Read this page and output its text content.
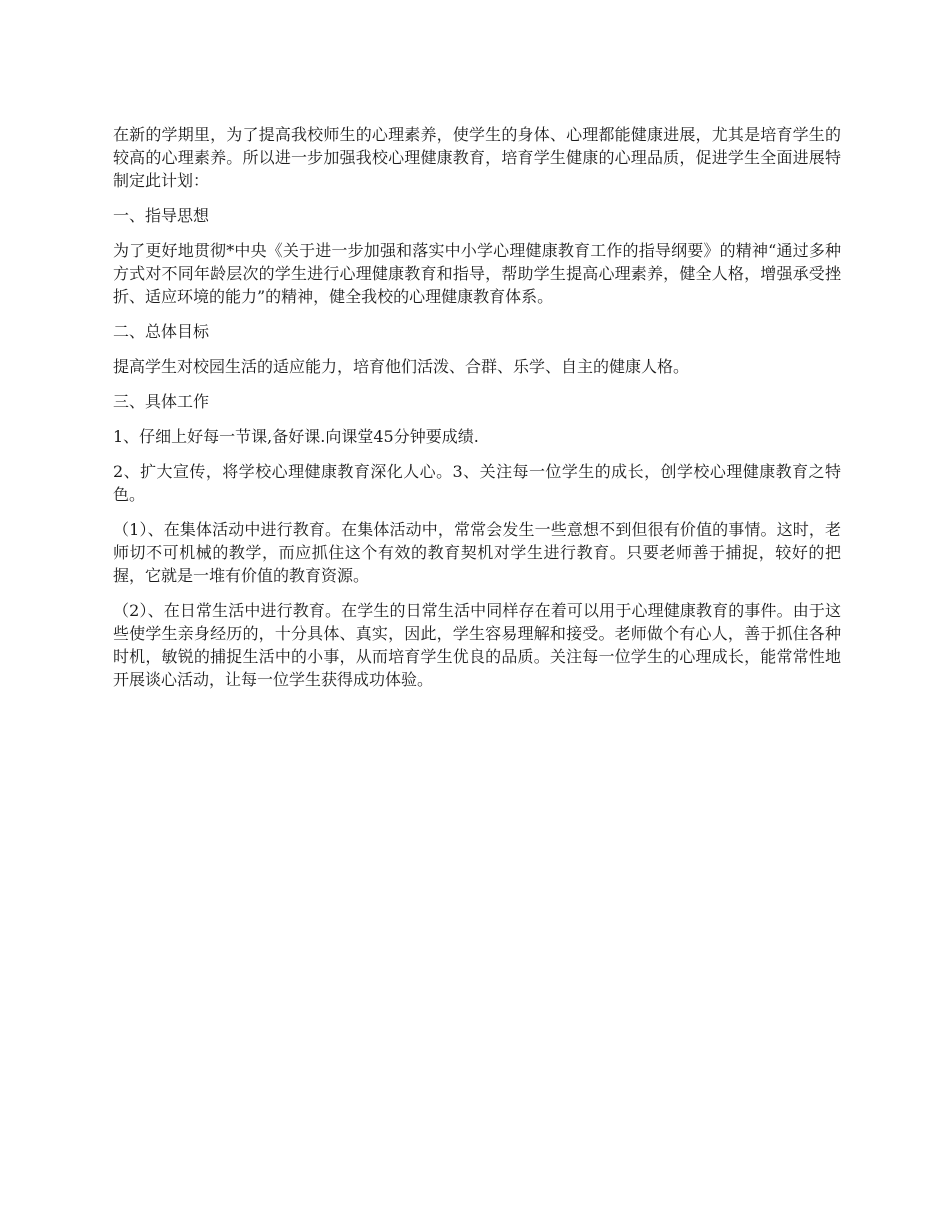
在新的学期里，为了提高我校师生的心理素养，使学生的身体、心理都能健康进展，尤其是培育学生的较高的心理素养。所以进一步加强我校心理健康教育，培育学生健康的心理品质，促进学生全面进展特制定此计划：

一、指导思想

为了更好地贯彻*中央《关于进一步加强和落实中小学心理健康教育工作的指导纲要》的精神“通过多种方式对不同年龄层次的学生进行心理健康教育和指导，帮助学生提高心理素养，健全人格，增强承受挫折、适应环境的能力”的精神，健全我校的心理健康教育体系。

二、总体目标

提高学生对校园生活的适应能力，培育他们活泼、合群、乐学、自主的健康人格。

三、具体工作

1、仔细上好每一节课,备好课.向课堂45分钟要成绩.

2、扩大宣传，将学校心理健康教育深化人心。3、关注每一位学生的成长，创学校心理健康教育之特色。

（1）、在集体活动中进行教育。在集体活动中，常常会发生一些意想不到但很有价值的事情。这时，老师切不可机械的教学，而应抓住这个有效的教育契机对学生进行教育。只要老师善于捕捉，较好的把握，它就是一堆有价值的教育资源。

（2）、在日常生活中进行教育。在学生的日常生活中同样存在着可以用于心理健康教育的事件。由于这些使学生亲身经历的，十分具体、真实，因此，学生容易理解和接受。老师做个有心人，善于抓住各种时机，敏锐的捕捉生活中的小事，从而培育学生优良的品质。关注每一位学生的心理成长，能常常性地开展谈心活动，让每一位学生获得成功体验。
